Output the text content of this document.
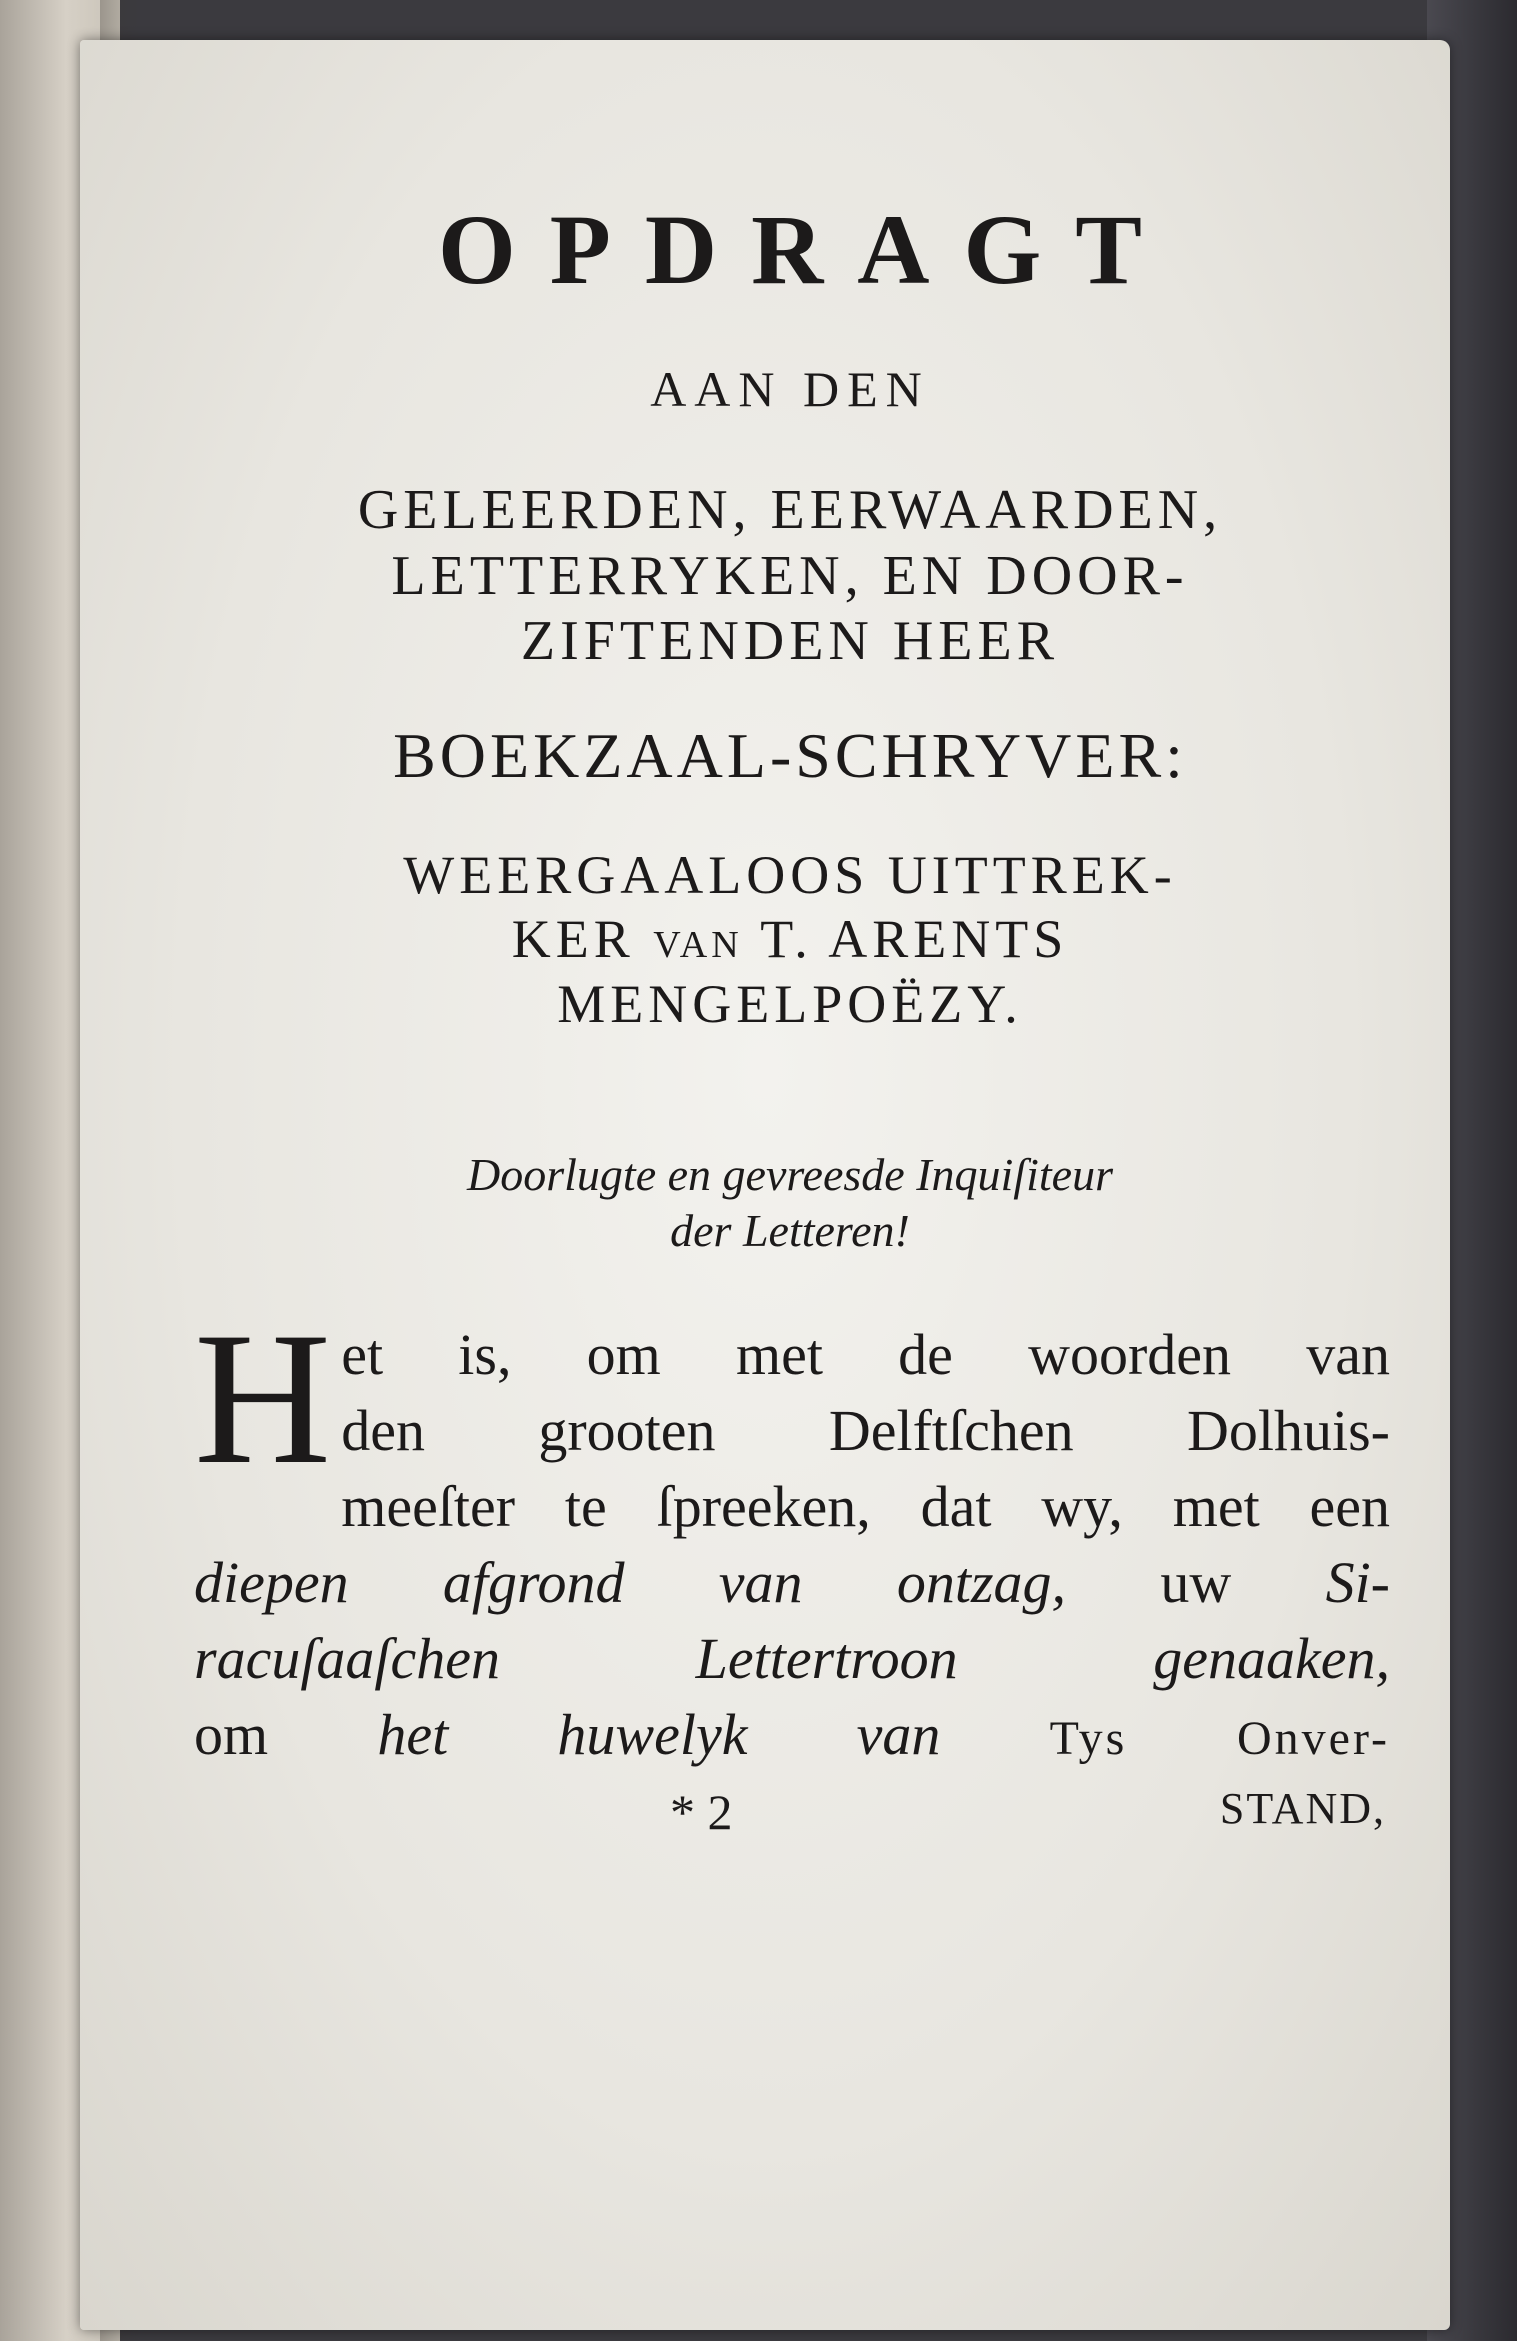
OPDRAGT

AAN DEN

GELEERDEN, EERWAARDEN,

LETTERRYKEN, EN DOOR-

ZIFTENDEN HEER

BOEKZAAL-SCHRYVER:

WEERGAALOOS UITTREK-

KER VAN T. ARENTS

MENGELPOËZY.

Doorlugte en gevreesde Inquiſiteur

der Letteren!

H et is, om met de woorden van
den grooten Delftſchen Dolhuis-
meeſter te ſpreeken, dat wy, met een
diepen afgrond van ontzag, uw Si-
racuſaaſchen Lettertroon genaaken,
om het huwelyk van Tys Onver-
* 2	STAND,
